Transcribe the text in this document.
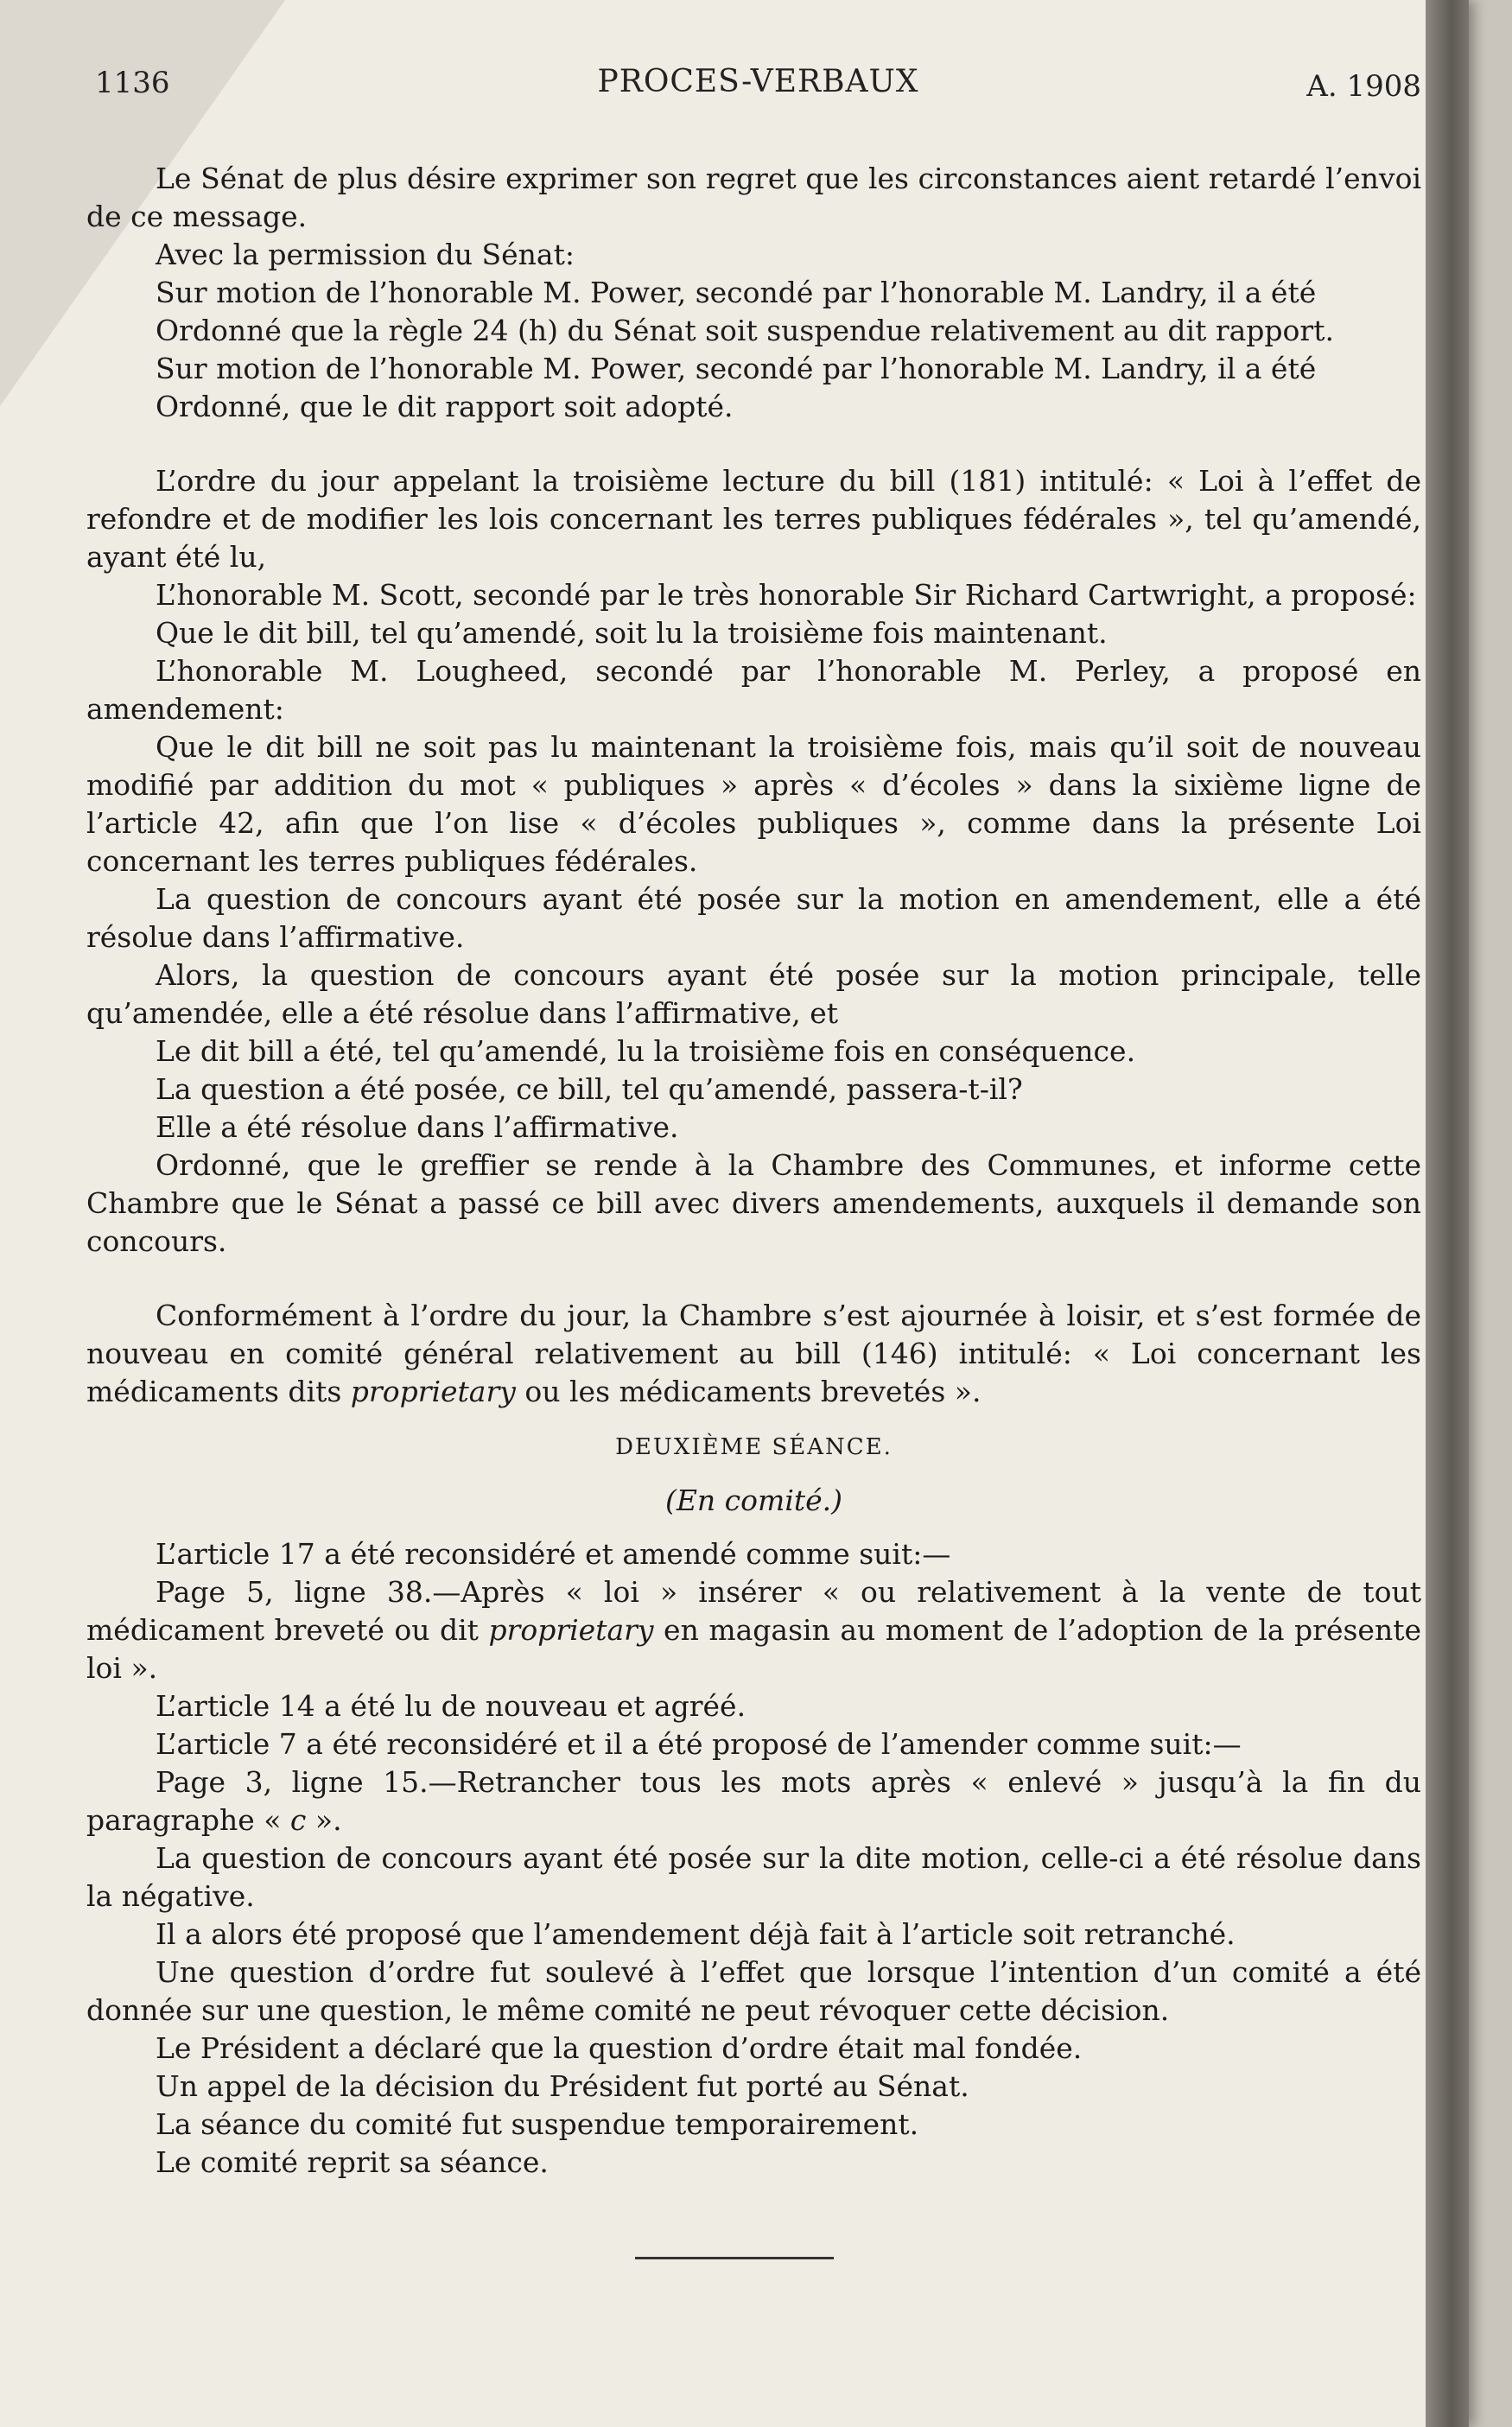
1136	PROCES-VERBAUX	A. 1908

Le Sénat de plus désire exprimer son regret que les circonstances aient retardé l’envoi de ce message.

Avec la permission du Sénat:

Sur motion de l’honorable M. Power, secondé par l’honorable M. Landry, il a été

Ordonné que la règle 24 (h) du Sénat soit suspendue relativement au dit rapport.

Sur motion de l’honorable M. Power, secondé par l’honorable M. Landry, il a été

Ordonné, que le dit rapport soit adopté.

L’ordre du jour appelant la troisième lecture du bill (181) intitulé: « Loi à l’effet de refondre et de modifier les lois concernant les terres publiques fédérales », tel qu’amendé, ayant été lu,

L’honorable M. Scott, secondé par le très honorable Sir Richard Cartwright, a proposé:

Que le dit bill, tel qu’amendé, soit lu la troisième fois maintenant.

L’honorable M. Lougheed, secondé par l’honorable M. Perley, a proposé en amendement:

Que le dit bill ne soit pas lu maintenant la troisième fois, mais qu’il soit de nouveau modifié par addition du mot « publiques » après « d’écoles » dans la sixième ligne de l’article 42, afin que l’on lise « d’écoles publiques », comme dans la présente Loi concernant les terres publiques fédérales.

La question de concours ayant été posée sur la motion en amendement, elle a été résolue dans l’affirmative.

Alors, la question de concours ayant été posée sur la motion principale, telle qu’amendée, elle a été résolue dans l’affirmative, et

Le dit bill a été, tel qu’amendé, lu la troisième fois en conséquence.

La question a été posée, ce bill, tel qu’amendé, passera-t-il?

Elle a été résolue dans l’affirmative.

Ordonné, que le greffier se rende à la Chambre des Communes, et informe cette Chambre que le Sénat a passé ce bill avec divers amendements, auxquels il demande son concours.

Conformément à l’ordre du jour, la Chambre s’est ajournée à loisir, et s’est formée de nouveau en comité général relativement au bill (146) intitulé: « Loi concernant les médicaments dits proprietary ou les médicaments brevetés ».

DEUXIÈME SÉANCE.

(En comité.)

L’article 17 a été reconsidéré et amendé comme suit:—

Page 5, ligne 38.—Après « loi » insérer « ou relativement à la vente de tout médicament breveté ou dit proprietary en magasin au moment de l’adoption de la présente loi ».

L’article 14 a été lu de nouveau et agréé.

L’article 7 a été reconsidéré et il a été proposé de l’amender comme suit:—

Page 3, ligne 15.—Retrancher tous les mots après « enlevé » jusqu’à la fin du paragraphe « c ».

La question de concours ayant été posée sur la dite motion, celle-ci a été résolue dans la négative.

Il a alors été proposé que l’amendement déjà fait à l’article soit retranché.

Une question d’ordre fut soulevé à l’effet que lorsque l’intention d’un comité a été donnée sur une question, le même comité ne peut révoquer cette décision.

Le Président a déclaré que la question d’ordre était mal fondée.

Un appel de la décision du Président fut porté au Sénat.

La séance du comité fut suspendue temporairement.

Le comité reprit sa séance.
